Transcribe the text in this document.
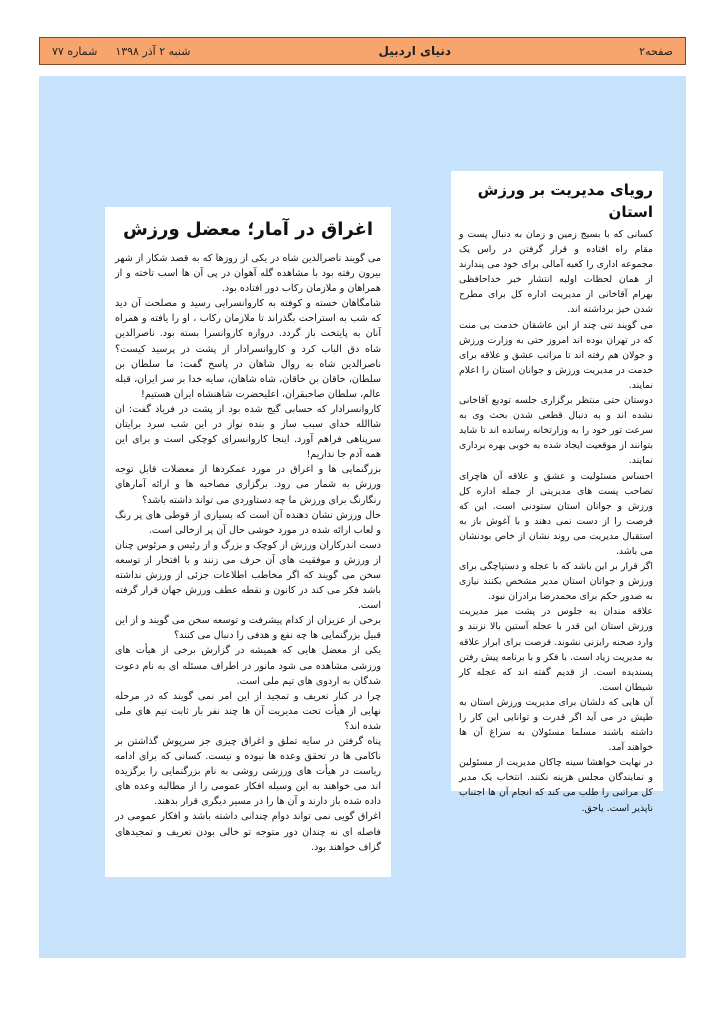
صفحه۲
دنیای اردبیل
شنبه ۲ آذر ۱۳۹۸
شماره ۷۷
رویای مدیریت بر ورزش استان

کسانی که با بسیج زمین و زمان به دنبال پست و مقام راه افتاده و قرار گرفتن در راس یک مجموعه اداری را کعبه آمالی برای خود می پندارند از همان لحظات اولیه انتشار خبر خداحافظی بهرام آقاخانی از مدیریت اداره کل برای مطرح شدن خیز برداشته اند.

می گویند تنی چند از این عاشقان خدمت بی منت که در تهران بوده اند امروز حتی به وزارت ورزش و جولان هم رفته اند تا مراتب عشق و علاقه برای خدمت در مدیریت ورزش و جوانان استان را اعلام نمایند.

دوستان حتی منتظر برگزاری جلسه تودیع آقاخانی نشده اند و به دنبال قطعی شدن بحث وی به سرعت تور خود را به وزارتخانه رسانده اند تا شاید بتوانند از موقعیت ایجاد شده به خوبی بهره برداری نمایند.

احساس مسئولیت و عشق و علاقه آن هاچرای تصاحب پست های مدیریتی از جمله اداره کل ورزش و جوانان استان ستودنی است. این که فرصت را از دست نمی دهند و با آغوش باز به استقبال مدیریت می روند نشان از خاص بودنشان می باشد.

اگر قرار بر این باشد که با عجله و دستپاچگی برای ورزش و جوانان استان مدیر مشخص بکنند نیازی به صدور حکم برای محمدرضا برادران نبود.

علاقه مندان به جلوس در پشت میز مدیریت ورزش استان این قدر با عجله آستین بالا نزنند و وارد صحنه رایزنی نشوند. فرصت برای ابراز علاقه به مدیریت زیاد است. با فکر و با برنامه پیش رفتن پسندیده است. از قدیم گفته اند که عجله کار شیطان است.

آن هایی که دلشان برای مدیریت ورزش استان به طپش در می آید اگر قدرت و توانایی این کار را داشته باشند مسلما مسئولان به سراغ آن ها خواهند آمد.

در نهایت خواهشا سینه چاکان مدیریت از مسئولین و نمایندگان مجلس هزینه نکنند. انتخاب یک مدیر کل مراتبی را طلب می کند که انجام آن ها اجتناب ناپذیر است. یاحق.

اغراق در آمار؛ معضل ورزش

می گویند ناصرالدین شاه در یکی از روزها که به قصد شکار از شهر بیرون رفته بود با مشاهده گله آهوان در پی آن ها اسب تاخته و از همراهان و ملازمان رکاب دور افتاده بود.

شامگاهان خسته و کوفته به کاروانسرایی رسید و مصلحت آن دید که شب به استراحت بگذراند تا ملازمان رکاب ، او را یافته و همراه آنان به پایتخت باز گردد. دروازه کاروانسرا بسته بود. ناصرالدین شاه دق الباب کرد و کاروانسرادار از پشت در پرسید کیست؟ ناصرالدین شاه به روال شاهان در پاسخ گفت: ما سلطان بن سلطان، خاقان بن خاقان، شاه شاهان، سایه خدا بر سر ایران، قبله عالم، سلطان صاحبقران، اعلیحضرت شاهنشاه ایران هستیم!

کاروانسرادار که حسابی گیج شده بود از پشت در فریاد گفت: ان شاالله خدای سبب ساز و بنده نواز در این شب سرد برایتان سرپناهی فراهم آورد. اینجا کاروانسرای کوچکی است و برای این همه آدم جا نداریم!

بزرگنمایی ها و اغراق در مورد عمکردها از معضلات قابل توجه ورزش به شمار می رود. برگزاری مصاحبه ها و ارائه آمارهای رنگارنگ برای ورزش ما چه دستاوردی می تواند داشته باشد؟

حال ورزش نشان دهنده آن است که بسیاری از قوطی های پر رنگ و لعاب ارائه شده در مورد خوشی حال آن پر ازخالی است.

دست اندرکاران ورزش از کوچک و بزرگ و از رئیس و مرئوس چنان از ورزش و موفقیت های آن حرف می زنند و با افتخار از توسعه سخن می گویند که اگر مخاطب اطلاعات جزئی از ورزش نداشته باشد فکر می کند در کانون و نقطه عطف ورزش جهان قرار گرفته است.

برخی از عزیزان از کدام پیشرفت و توسعه سخن می گویند و از این قبیل بزرگنمایی ها چه نفع و هدفی را دنبال می کنند؟

یکی از معضل هایی که همیشه در گزارش برخی از هیأت های ورزشی مشاهده می شود مانور در اطراف مسئله ای به نام دعوت شدگان به اردوی های تیم ملی است.

چرا در کنار تعریف و تمجید از این امر نمی گویند که در مرحله نهایی از هیأت تحت مدیریت آن ها چند نفر بار ثابت تیم های ملی شده اند؟

پناه گرفتن در سایه تملق و اغراق چیزی جز سرپوش گذاشتن بر ناکامی ها در تحقق وعده ها نبوده و نیست. کسانی که برای ادامه ریاست در هیأت های ورزشی روشی به نام بزرگنمایی را برگزیده اند می خواهند به این وسیله افکار عمومی را از مطالبه وعده های داده شده باز دارند و آن ها را در مسیر دیگری قرار بدهند.

اغراق گویی نمی تواند دوام چندانی داشته باشد و افکار عمومی در فاصله ای نه چندان دور متوجه تو خالی بودن تعریف و تمجیدهای گزاف خواهند بود.
